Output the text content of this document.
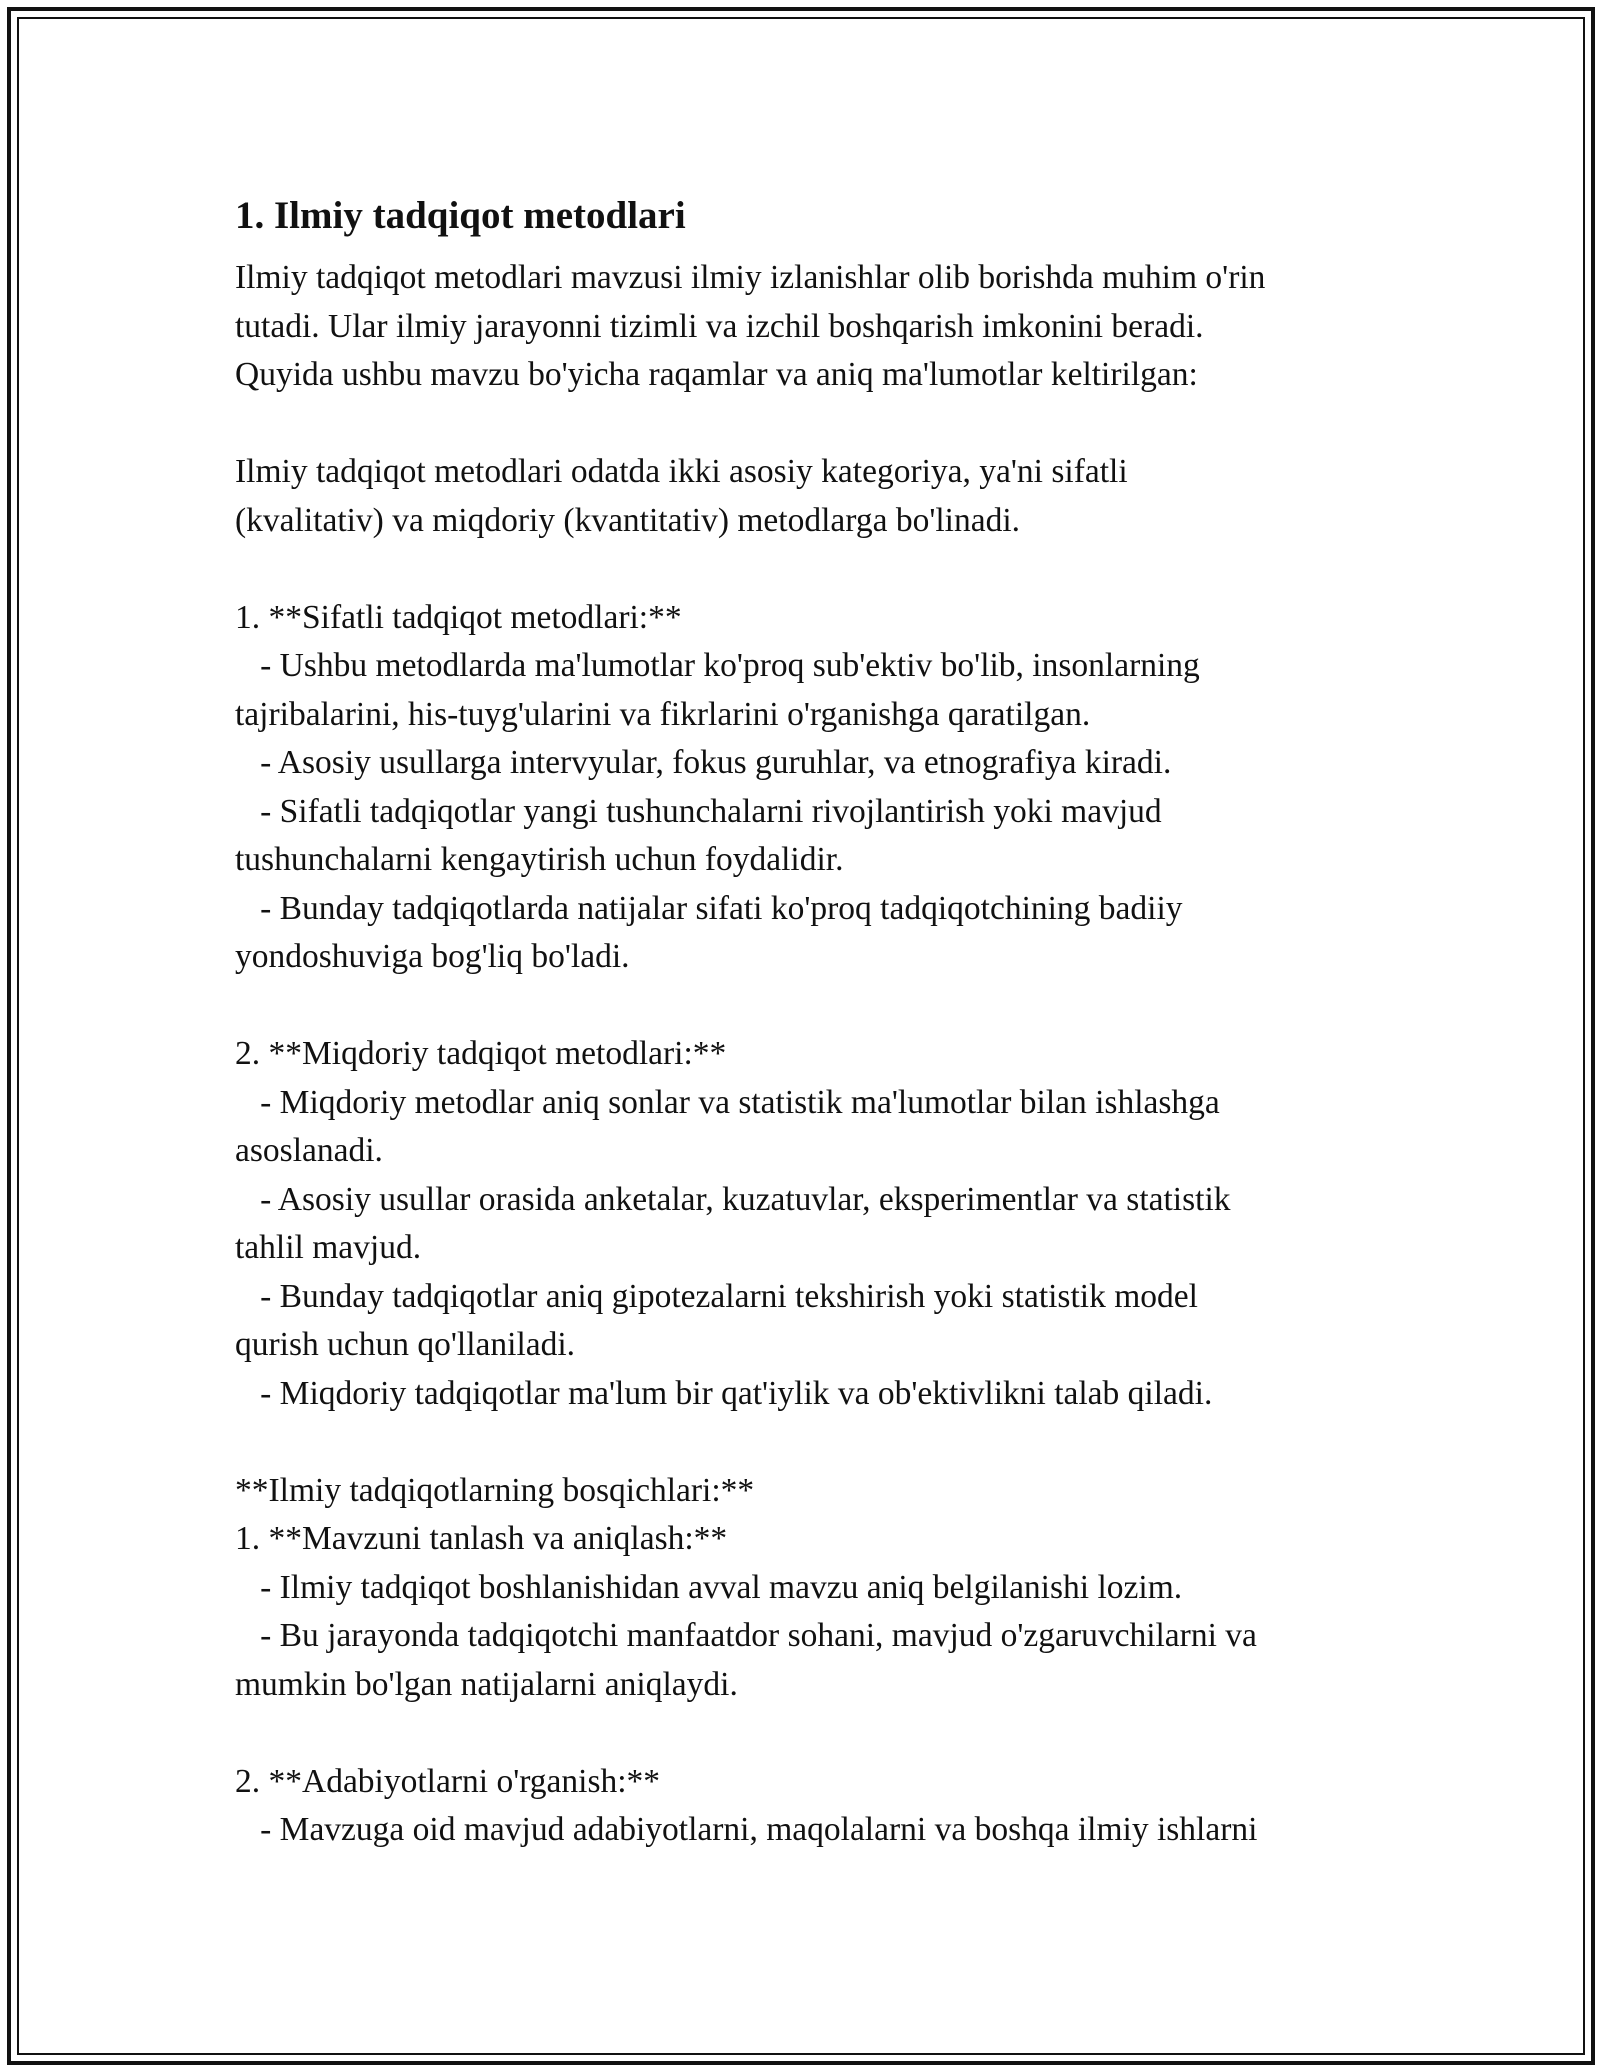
1. Ilmiy tadqiqot metodlari
Ilmiy tadqiqot metodlari mavzusi ilmiy izlanishlar olib borishda muhim o'rin
tutadi. Ular ilmiy jarayonni tizimli va izchil boshqarish imkonini beradi.
Quyida ushbu mavzu bo'yicha raqamlar va aniq ma'lumotlar keltirilgan:
Ilmiy tadqiqot metodlari odatda ikki asosiy kategoriya, ya'ni sifatli
(kvalitativ) va miqdoriy (kvantitativ) metodlarga bo'linadi.
1. **Sifatli tadqiqot metodlari:**
- Ushbu metodlarda ma'lumotlar ko'proq sub'ektiv bo'lib, insonlarning
tajribalarini, his-tuyg'ularini va fikrlarini o'rganishga qaratilgan.
- Asosiy usullarga intervyular, fokus guruhlar, va etnografiya kiradi.
- Sifatli tadqiqotlar yangi tushunchalarni rivojlantirish yoki mavjud
tushunchalarni kengaytirish uchun foydalidir.
- Bunday tadqiqotlarda natijalar sifati ko'proq tadqiqotchining badiiy
yondoshuviga bog'liq bo'ladi.
2. **Miqdoriy tadqiqot metodlari:**
- Miqdoriy metodlar aniq sonlar va statistik ma'lumotlar bilan ishlashga
asoslanadi.
- Asosiy usullar orasida anketalar, kuzatuvlar, eksperimentlar va statistik
tahlil mavjud.
- Bunday tadqiqotlar aniq gipotezalarni tekshirish yoki statistik model
qurish uchun qo'llaniladi.
- Miqdoriy tadqiqotlar ma'lum bir qat'iylik va ob'ektivlikni talab qiladi.
**Ilmiy tadqiqotlarning bosqichlari:**
1. **Mavzuni tanlash va aniqlash:**
- Ilmiy tadqiqot boshlanishidan avval mavzu aniq belgilanishi lozim.
- Bu jarayonda tadqiqotchi manfaatdor sohani, mavjud o'zgaruvchilarni va
mumkin bo'lgan natijalarni aniqlaydi.
2. **Adabiyotlarni o'rganish:**
- Mavzuga oid mavjud adabiyotlarni, maqolalarni va boshqa ilmiy ishlarni
